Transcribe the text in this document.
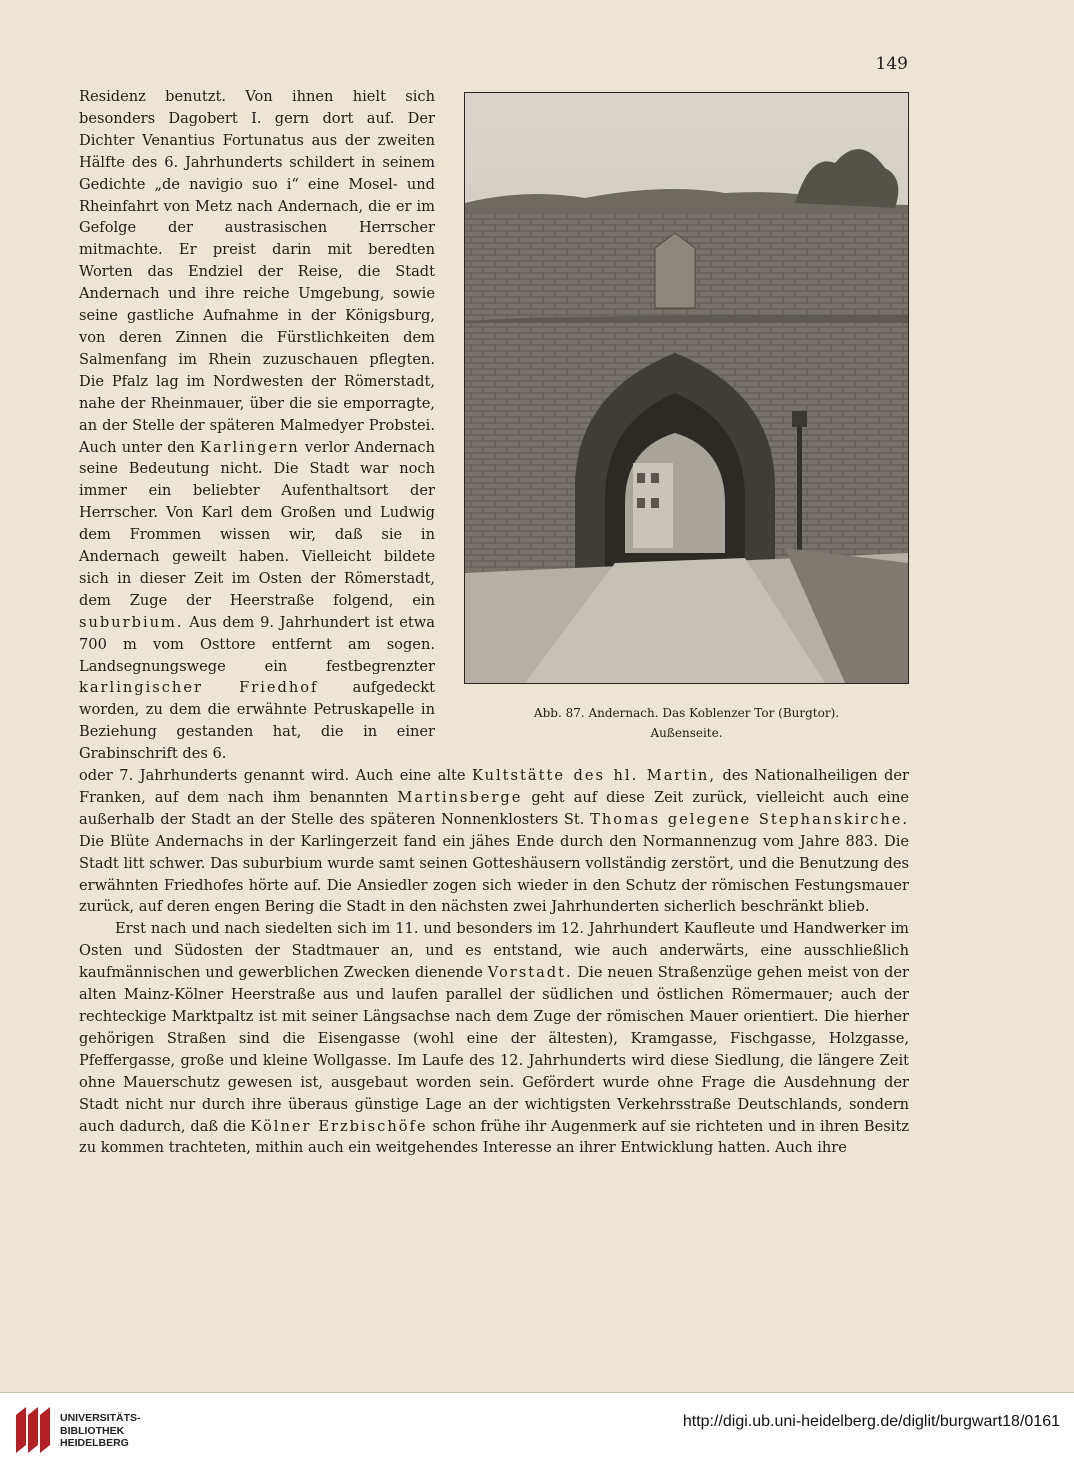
149

Residenz benutzt. Von ihnen hielt sich besonders Dagobert I. gern dort auf. Der Dichter Venantius Fortunatus aus der zweiten Hälfte des 6. Jahrhunderts schildert in seinem Gedichte „de navigio suo i“ eine Mosel- und Rheinfahrt von Metz nach Andernach, die er im Gefolge der austrasischen Herrscher mitmachte. Er preist darin mit beredten Worten das Endziel der Reise, die Stadt Andernach und ihre reiche Umgebung, sowie seine gastliche Aufnahme in der Königsburg, von deren Zinnen die Fürstlichkeiten dem Salmenfang im Rhein zuzuschauen pflegten. Die Pfalz lag im Nordwesten der Römerstadt, nahe der Rheinmauer, über die sie emporragte, an der Stelle der späteren Malmedyer Probstei. Auch unter den Karlingern verlor Andernach seine Bedeutung nicht. Die Stadt war noch immer ein beliebter Aufenthaltsort der Herrscher. Von Karl dem Großen und Ludwig dem Frommen wissen wir, daß sie in Andernach geweilt haben. Vielleicht bildete sich in dieser Zeit im Osten der Römerstadt, dem Zuge der Heerstraße folgend, ein suburbium. Aus dem 9. Jahrhundert ist etwa 700 m vom Osttore entfernt am sogen. Landsegnungswege ein festbegrenzter karlingischer Friedhof aufgedeckt worden, zu dem die erwähnte Petruskapelle in Beziehung gestanden hat, die in einer Grabinschrift des 6.

Abb. 87. Andernach. Das Koblenzer Tor (Burgtor).
Außenseite.

oder 7. Jahrhunderts genannt wird. Auch eine alte Kultstätte des hl. Martin, des Nationalheiligen der Franken, auf dem nach ihm benannten Martinsberge geht auf diese Zeit zurück, vielleicht auch eine außerhalb der Stadt an der Stelle des späteren Nonnenklosters St. Thomas gelegene Stephanskirche. Die Blüte Andernachs in der Karlingerzeit fand ein jähes Ende durch den Normannenzug vom Jahre 883. Die Stadt litt schwer. Das suburbium wurde samt seinen Gotteshäusern vollständig zerstört, und die Benutzung des erwähnten Friedhofes hörte auf. Die Ansiedler zogen sich wieder in den Schutz der römischen Festungsmauer zurück, auf deren engen Bering die Stadt in den nächsten zwei Jahrhunderten sicherlich beschränkt blieb.

Erst nach und nach siedelten sich im 11. und besonders im 12. Jahrhundert Kaufleute und Handwerker im Osten und Südosten der Stadtmauer an, und es entstand, wie auch anderwärts, eine ausschließlich kaufmännischen und gewerblichen Zwecken dienende Vorstadt. Die neuen Straßenzüge gehen meist von der alten Mainz-Kölner Heerstraße aus und laufen parallel der südlichen und östlichen Römermauer; auch der rechteckige Marktpaltz ist mit seiner Längsachse nach dem Zuge der römischen Mauer orientiert. Die hierher gehörigen Straßen sind die Eisengasse (wohl eine der ältesten), Kramgasse, Fischgasse, Holzgasse, Pfeffergasse, große und kleine Wollgasse. Im Laufe des 12. Jahrhunderts wird diese Siedlung, die längere Zeit ohne Mauerschutz gewesen ist, ausgebaut worden sein. Gefördert wurde ohne Frage die Ausdehnung der Stadt nicht nur durch ihre überaus günstige Lage an der wichtigsten Verkehrsstraße Deutschlands, sondern auch dadurch, daß die Kölner Erzbischöfe schon frühe ihr Augenmerk auf sie richteten und in ihren Besitz zu kommen trachteten, mithin auch ein weitgehendes Interesse an ihrer Entwicklung hatten. Auch ihre

UNIVERSITÄTS-
BIBLIOTHEK
HEIDELBERG
http://digi.ub.uni-heidelberg.de/diglit/burgwart18/0161
